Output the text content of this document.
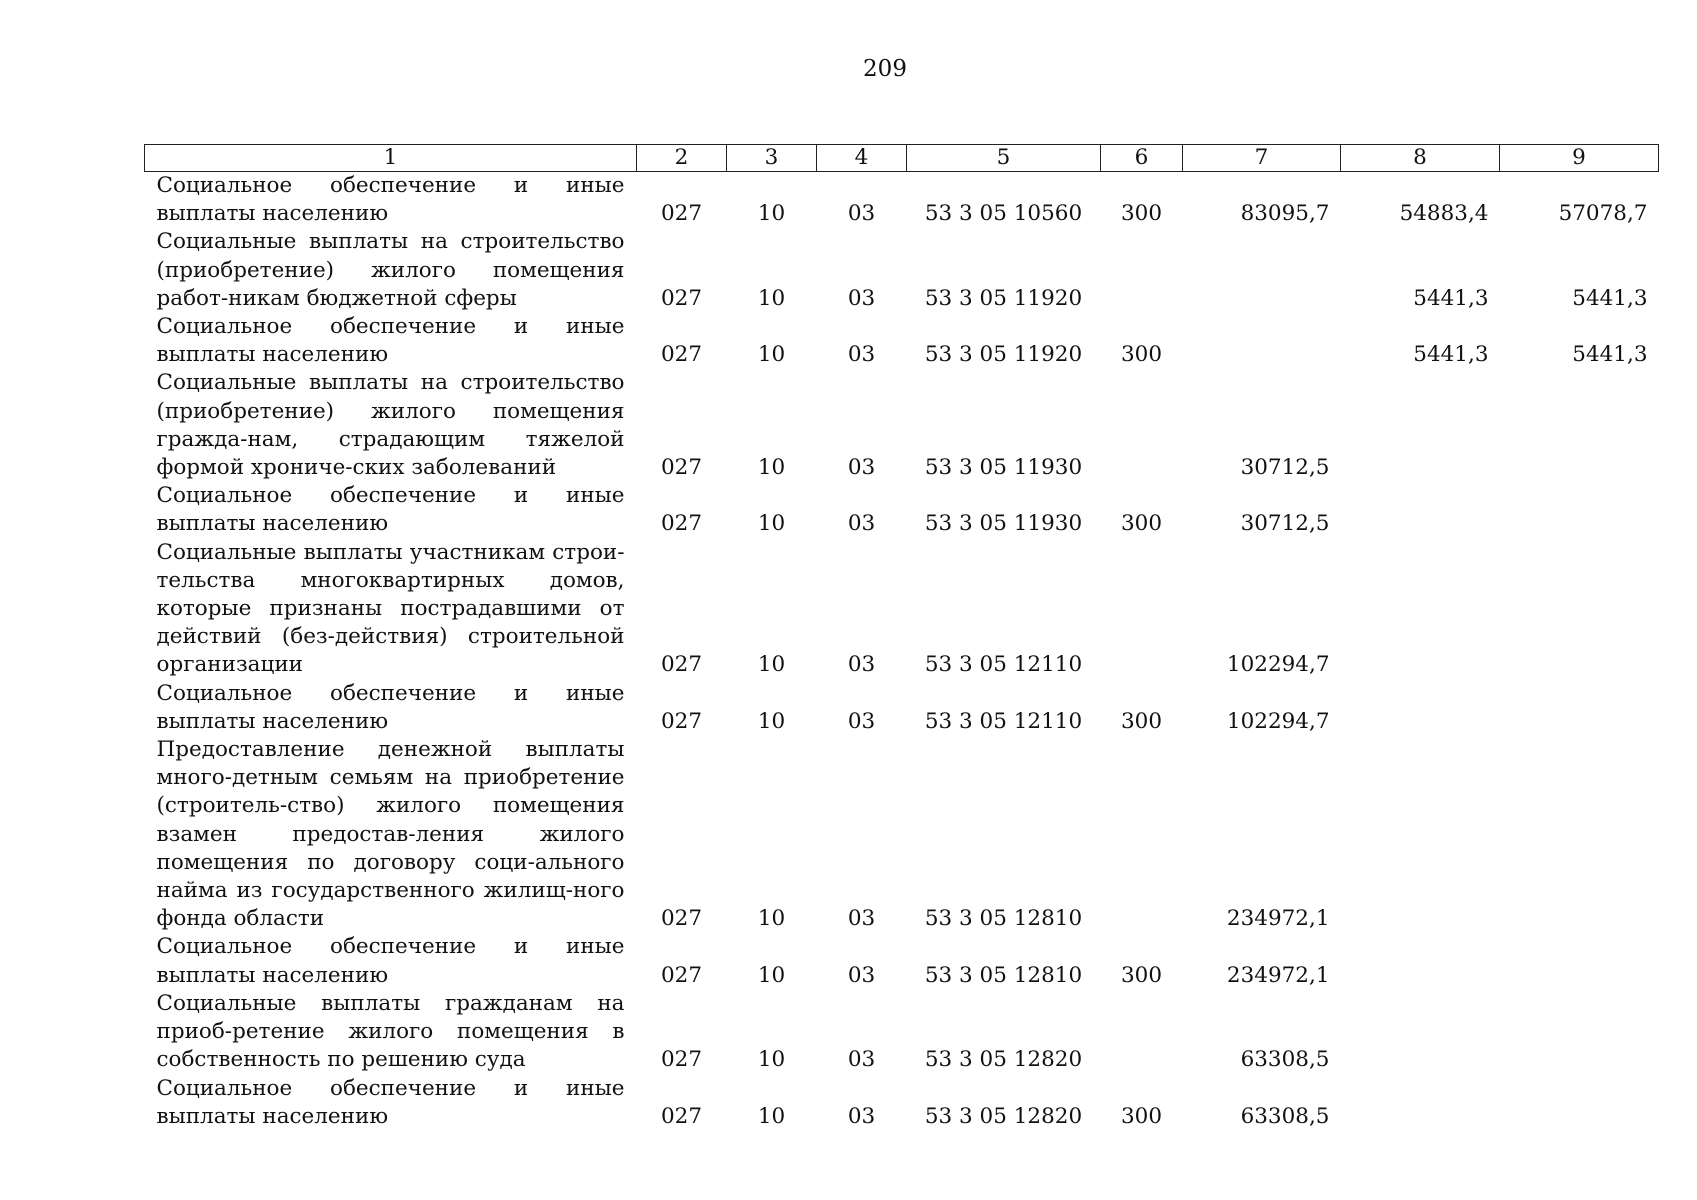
209
1	2	3	4	5	6	7	8	9
Социальное обеспечение и иные выплаты населению	027	10	03	53 3 05 10560	300	83095,7	54883,4	57078,7
Социальные выплаты на строительство (приобретение) жилого помещения работ-никам бюджетной сферы	027	10	03	53 3 05 11920			5441,3	5441,3
Социальное обеспечение и иные выплаты населению	027	10	03	53 3 05 11920	300		5441,3	5441,3
Социальные выплаты на строительство (приобретение) жилого помещения гражда-нам, страдающим тяжелой формой хрониче-ских заболеваний	027	10	03	53 3 05 11930		30712,5		
Социальное обеспечение и иные выплаты населению	027	10	03	53 3 05 11930	300	30712,5		
Социальные выплаты участникам строи-тельства многоквартирных домов, которые признаны пострадавшими от действий (без-действия) строительной организации	027	10	03	53 3 05 12110		102294,7		
Социальное обеспечение и иные выплаты населению	027	10	03	53 3 05 12110	300	102294,7		
Предоставление денежной выплаты много-детным семьям на приобретение (строитель-ство) жилого помещения взамен предостав-ления жилого помещения по договору соци-ального найма из государственного жилищ-ного фонда области	027	10	03	53 3 05 12810		234972,1		
Социальное обеспечение и иные выплаты населению	027	10	03	53 3 05 12810	300	234972,1		
Социальные выплаты гражданам на приоб-ретение жилого помещения в собственность по решению суда	027	10	03	53 3 05 12820		63308,5		
Социальное обеспечение и иные выплаты населению	027	10	03	53 3 05 12820	300	63308,5		
